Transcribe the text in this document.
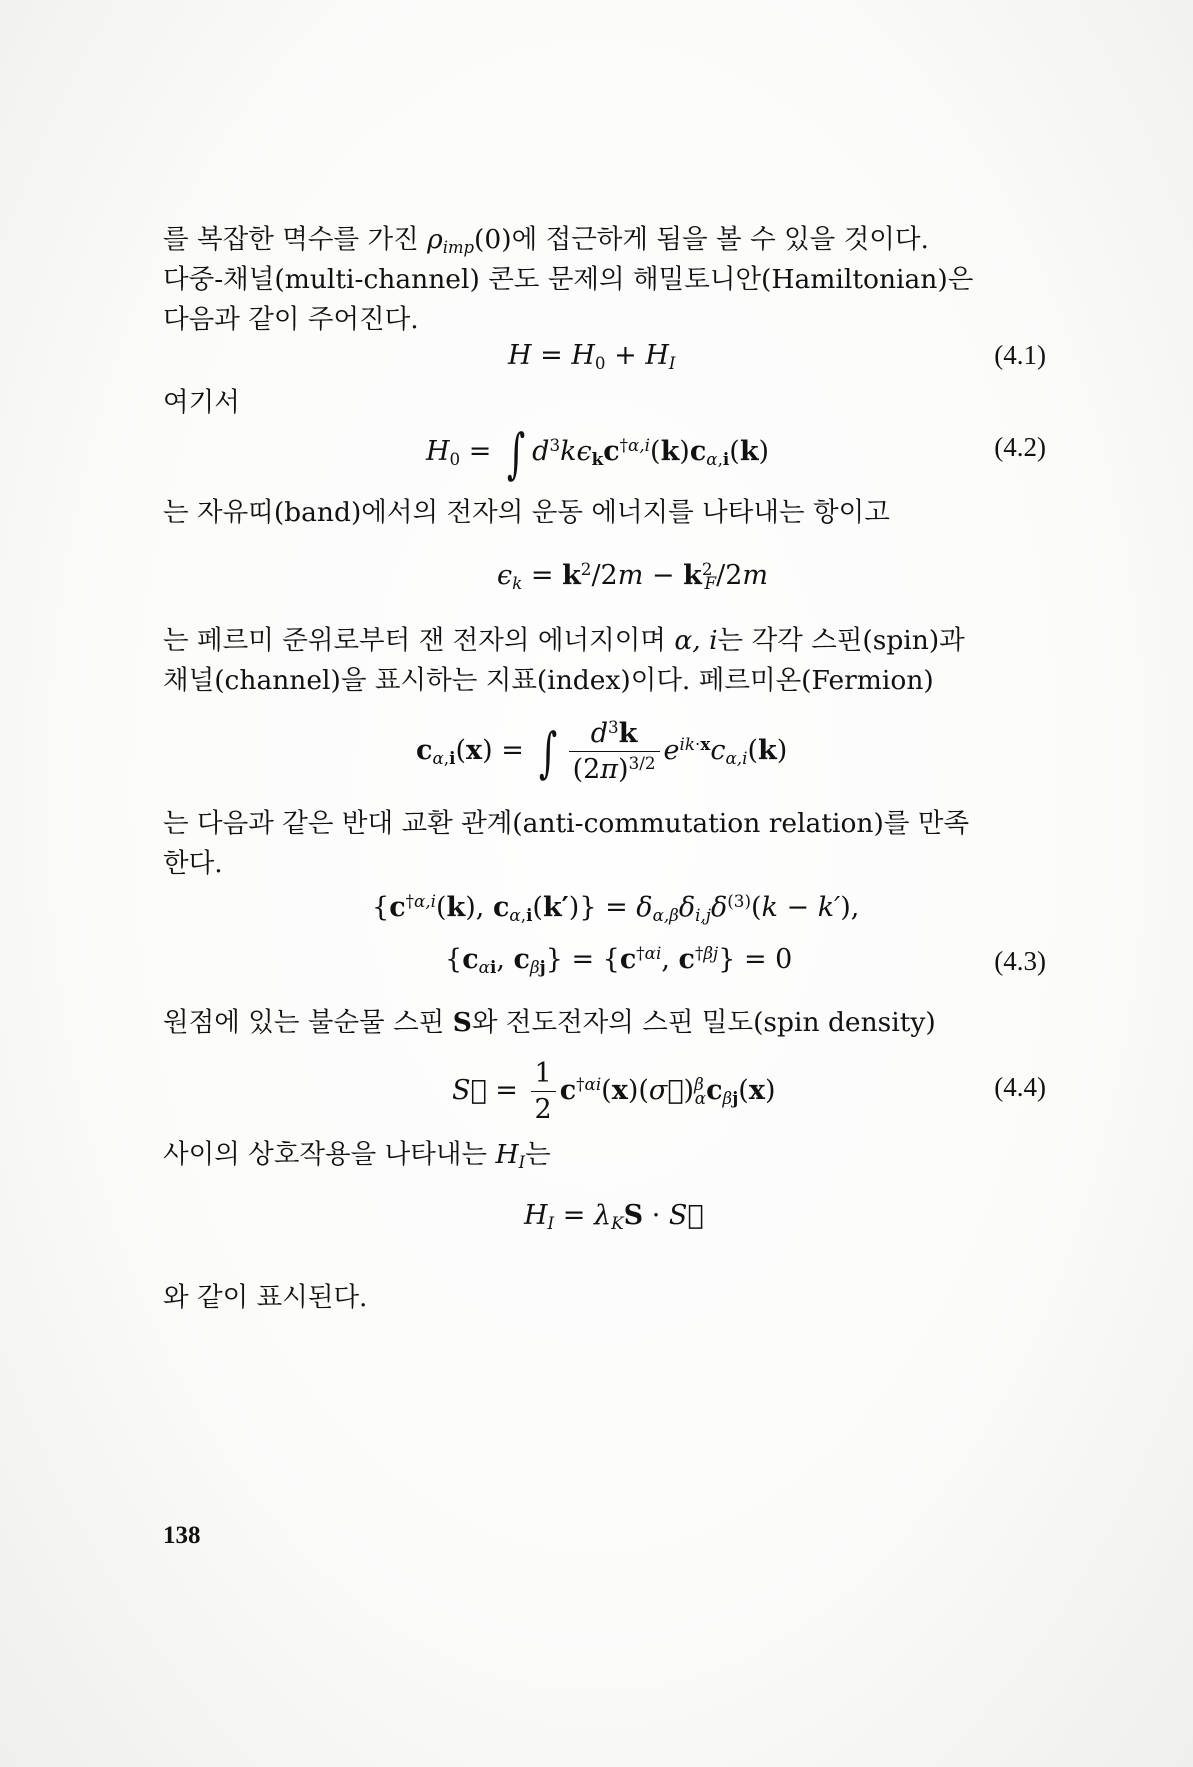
를 복잡한 멱수를 가진 $\rho_{imp}(0)$에 접근하게 됨을 볼 수 있을 것이다.
다중-채널(multi-channel) 콘도 문제의 해밀토니안(Hamiltonian)은
다음과 같이 주어진다.
$H = H_0 + H_I$	(4.1)
여기서
$H_0$ = ∫ $d^3k\epsilon_kc^{\dagger\alpha,i}(k)c_{\alpha,i}(k)$	(4.2)
는 자유띠(band)에서의 전자의 운동 에너지를 나타내는 항이고
$\epsilon_k = k^2/2m - k^2_F/2m$
는 페르미 준위로부터 잰 전자의 에너지이며 α, i는 각각 스핀(spin)과
채널(channel)을 표시하는 지표(index)이다. 페르미온(Fermion)
$c_{\alpha,i}(x)$ = ∫ $\frac{d^3k}{(2\pi)^{3/2}} e^{ik\cdot x}c_{\alpha,i}(k)$
는 다음과 같은 반대 교환 관계(anti-commutation relation)를 만족
한다.
{$c^{\dagger\alpha,i}(k)$, $c_{\alpha,i}(k')\} = \delta_{\alpha,\beta}\delta_{i,j}\delta^{(3)}(k - k')$,
{$c_{\alpha i}$, $c_{\beta j}\} = \{c^{\dagger\alpha i}$, $c^{\dagger\beta j}\} = 0$	(4.3)
원점에 있는 불순물 스핀 S와 전도전자의 스핀 밀도(spin density)
S⃗ = $\frac{1}{2}$ $c^{\dagger\alpha i}(x)(\sigma⃗)^\beta_\alpha c_{\beta j}(x)$	(4.4)
사이의 상호작용을 나타내는 $H_I$는
$H_I = \lambda_KS$ · S⃗
와 같이 표시된다.
138
